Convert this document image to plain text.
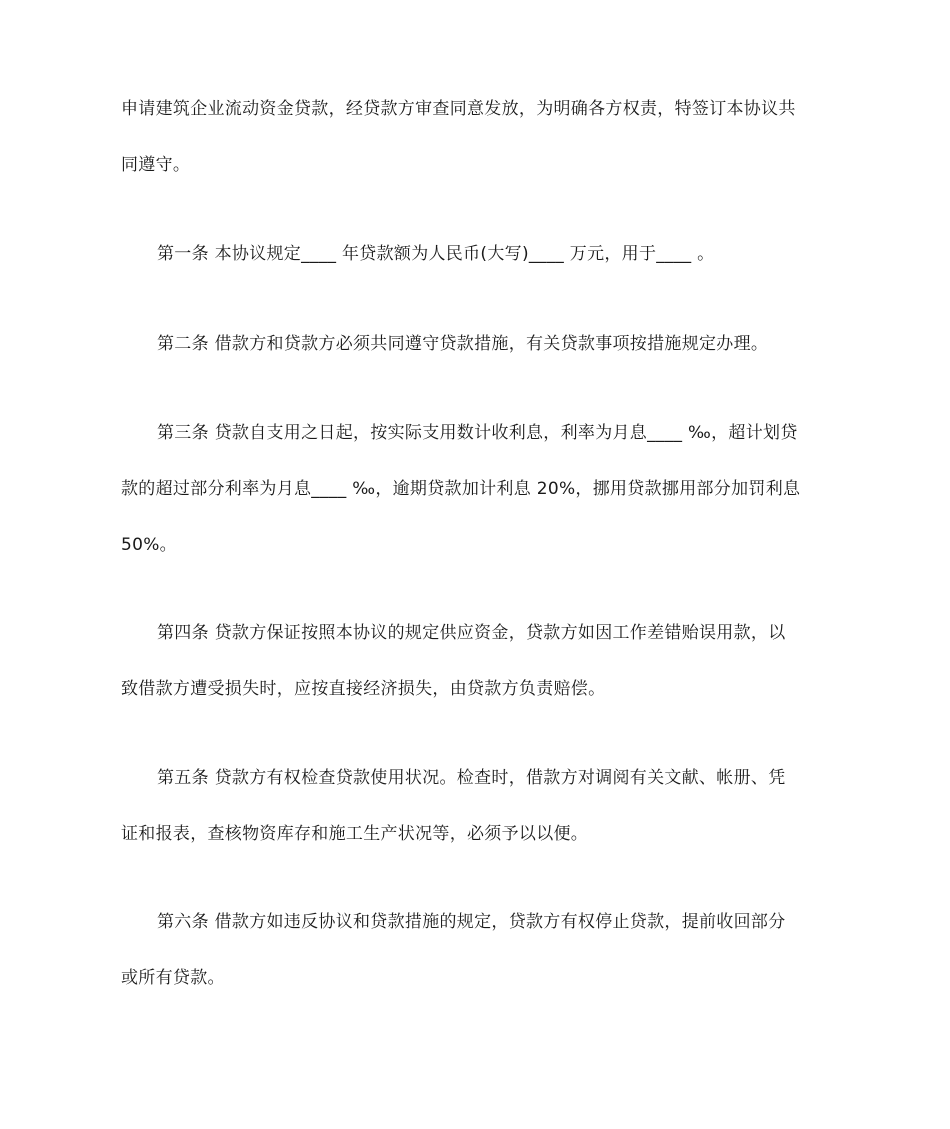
申请建筑企业流动资金贷款，经贷款方审查同意发放，为明确各方权责，特签订本协议共
同遵守。
第一条 本协议规定____ 年贷款额为人民币(大写)____ 万元，用于____ 。
第二条 借款方和贷款方必须共同遵守贷款措施，有关贷款事项按措施规定办理。
第三条 贷款自支用之日起，按实际支用数计收利息，利率为月息____ ‰，超计划贷
款的超过部分利率为月息____ ‰，逾期贷款加计利息 20%，挪用贷款挪用部分加罚利息
50%。
第四条 贷款方保证按照本协议的规定供应资金，贷款方如因工作差错贻误用款，以
致借款方遭受损失时，应按直接经济损失，由贷款方负责赔偿。
第五条 贷款方有权检查贷款使用状况。检查时，借款方对调阅有关文献、帐册、凭
证和报表，查核物资库存和施工生产状况等，必须予以以便。
第六条 借款方如违反协议和贷款措施的规定，贷款方有权停止贷款，提前收回部分
或所有贷款。
